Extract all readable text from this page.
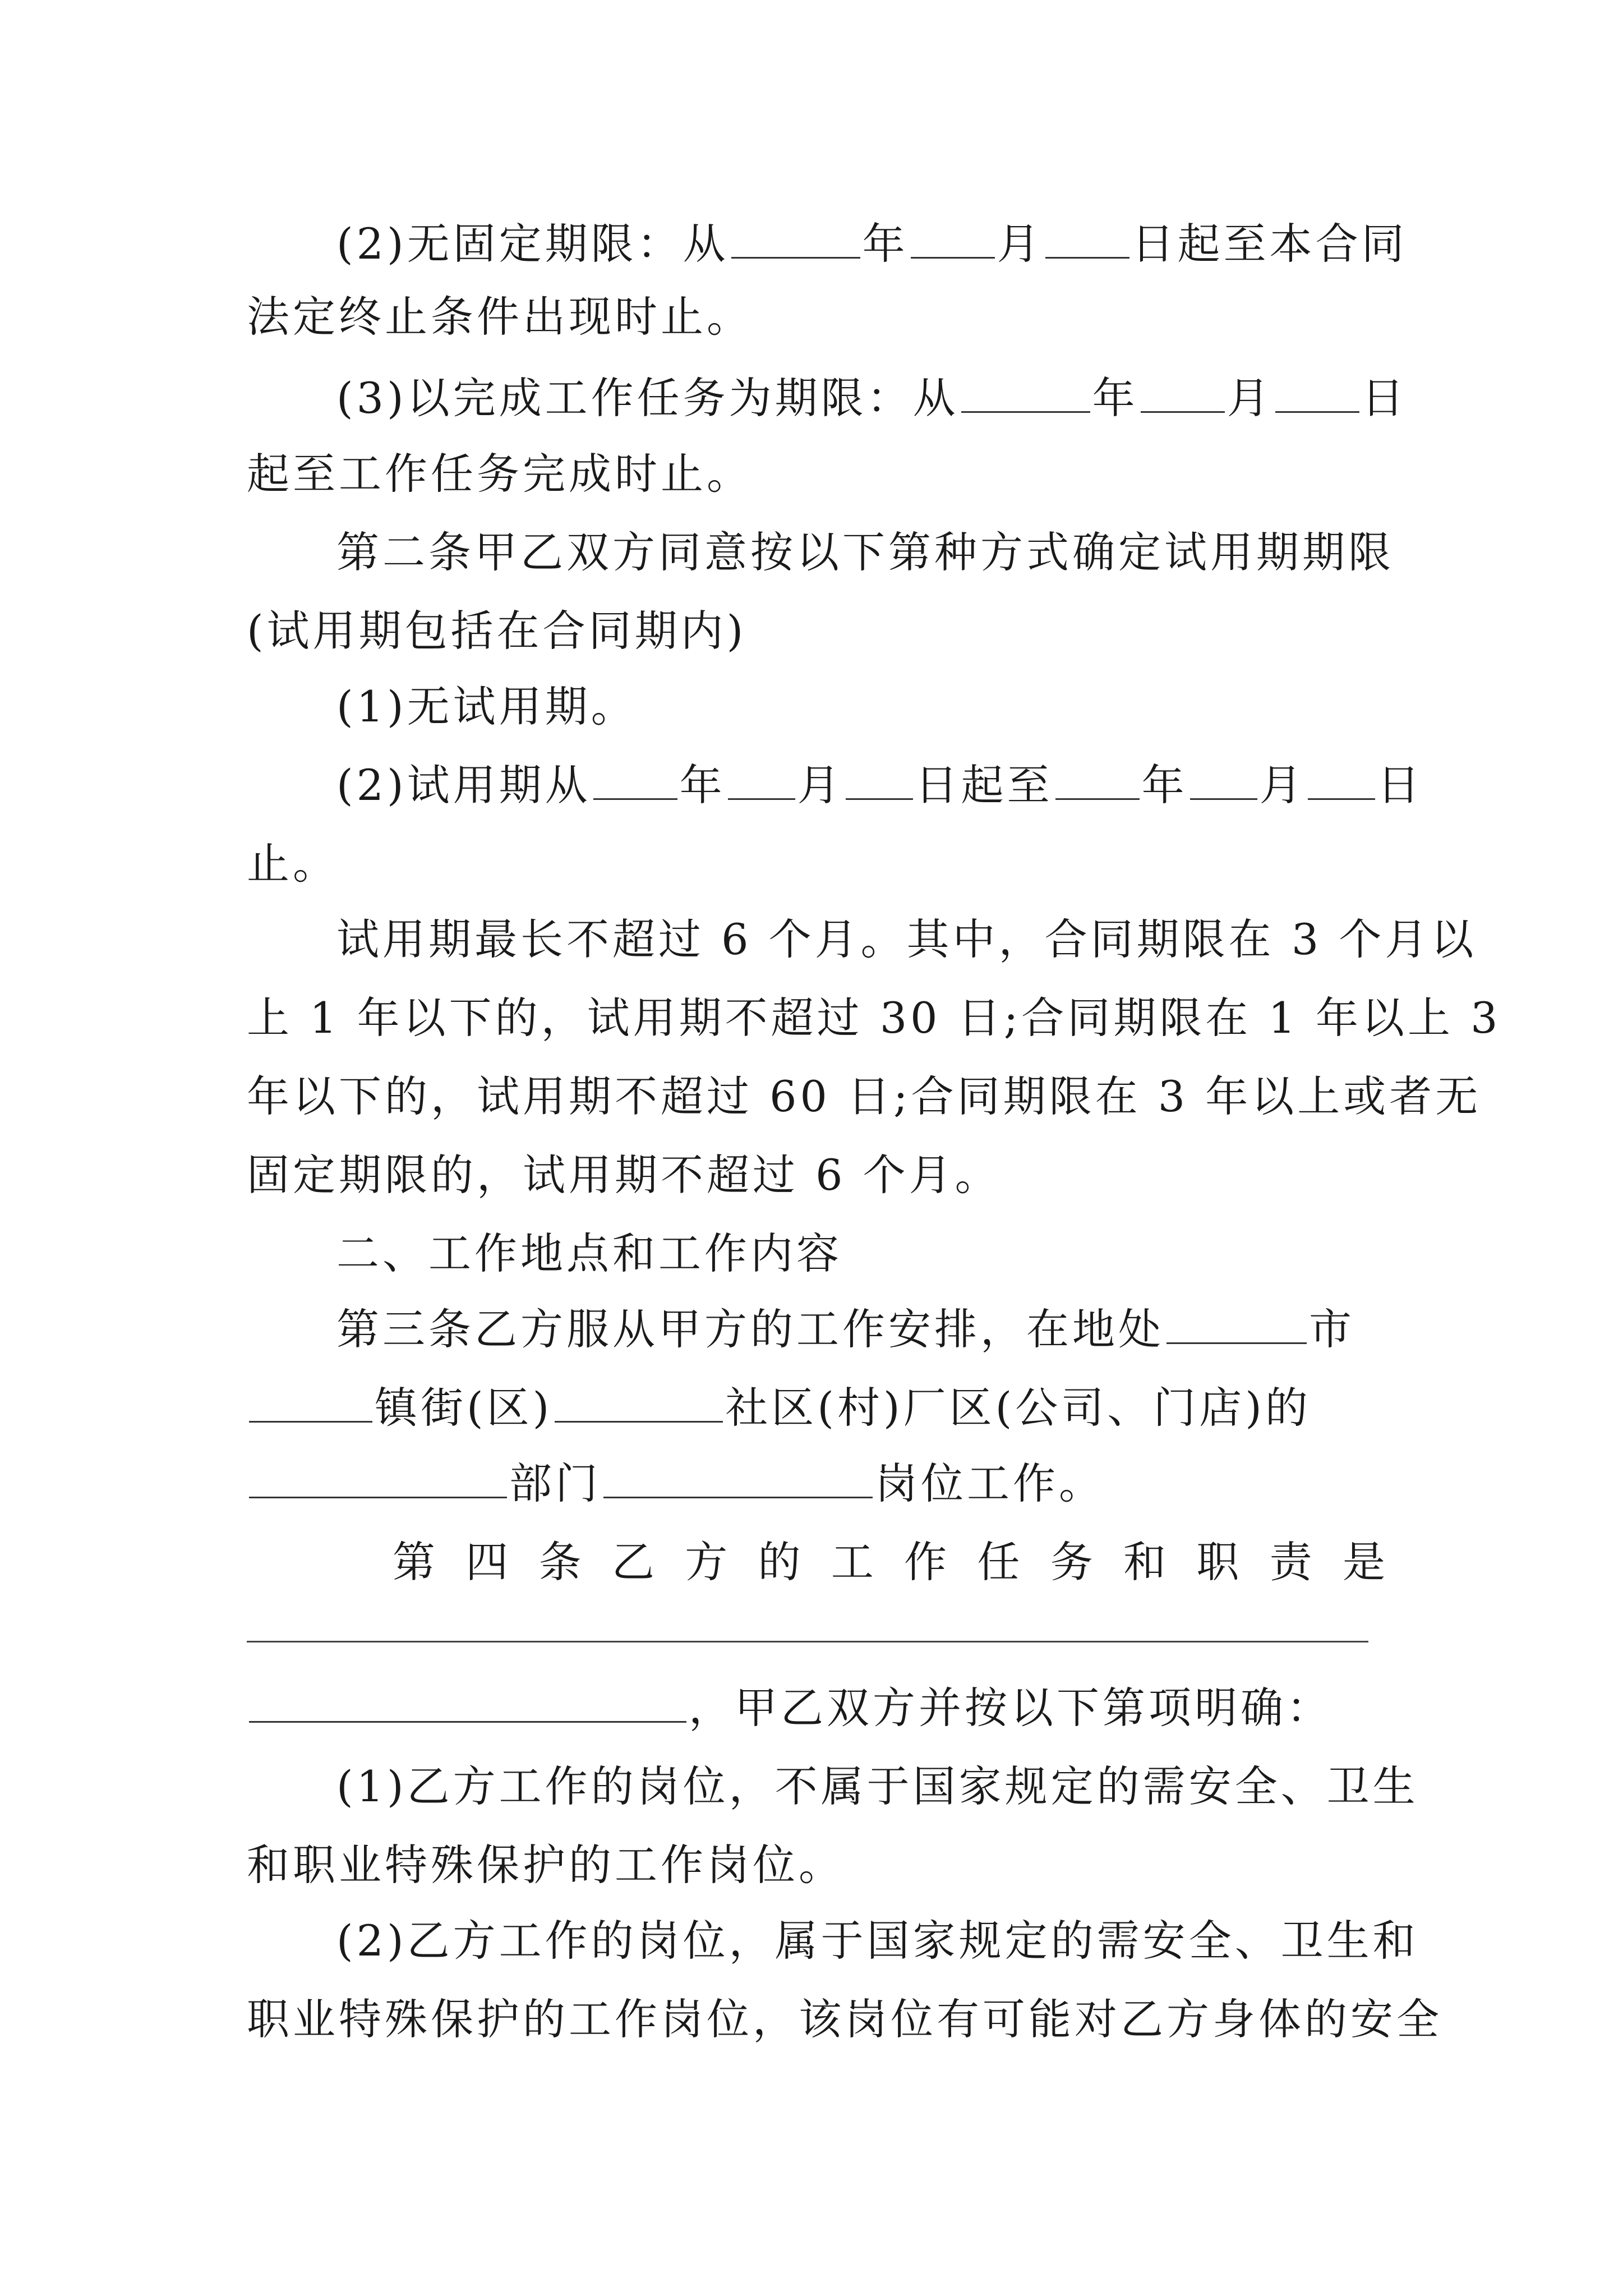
(2)无固定期限：从	年 月 日起至本合同
法定终止条件出现时止。
(3)以完成工作任务为期限：从	年 月 日
起至工作任务完成时止。
第二条甲乙双方同意按以下第种方式确定试用期期限
(试用期包括在合同期内)
(1)无试用期。
(2)试用期从 年 月 日起至 年 月 日
止。
试用期最长不超过 6 个月。其中，合同期限在 3 个月以
上 1 年以下的，试用期不超过 30 日;合同期限在 1 年以上 3
年以下的，试用期不超过 60 日;合同期限在 3 年以上或者无
固定期限的，试用期不超过 6 个月。
二、工作地点和工作内容
第三条乙方服从甲方的工作安排，在地处	市
镇街(区)	社区(村)厂区(公司、门店)的
部门	岗位工作。
第 四 条 乙 方 的 工 作 任 务 和 职 责 是
，甲乙双方并按以下第项明确：
(1)乙方工作的岗位，不属于国家规定的需安全、卫生
和职业特殊保护的工作岗位。
(2)乙方工作的岗位，属于国家规定的需安全、卫生和
职业特殊保护的工作岗位，该岗位有可能对乙方身体的安全
